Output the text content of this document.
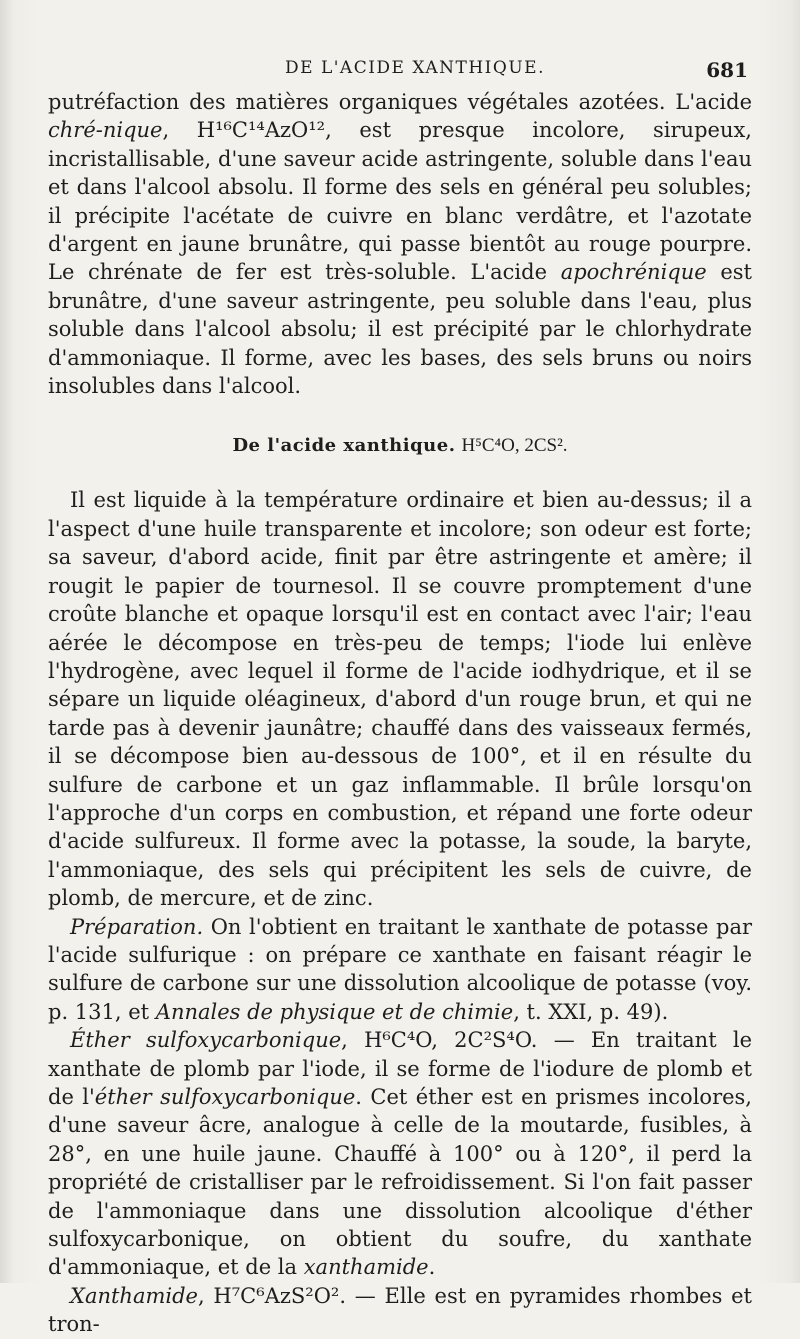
DE L'ACIDE XANTHIQUE.	681

putréfaction des matières organiques végétales azotées. L'acide chré-nique, H¹⁶C¹⁴AzO¹², est presque incolore, sirupeux, incristallisable, d'une saveur acide astringente, soluble dans l'eau et dans l'alcool absolu. Il forme des sels en général peu solubles; il précipite l'acétate de cuivre en blanc verdâtre, et l'azotate d'argent en jaune brunâtre, qui passe bientôt au rouge pourpre. Le chrénate de fer est très-soluble. L'acide apochrénique est brunâtre, d'une saveur astringente, peu soluble dans l'eau, plus soluble dans l'alcool absolu; il est précipité par le chlorhydrate d'ammoniaque. Il forme, avec les bases, des sels bruns ou noirs insolubles dans l'alcool.

De l'acide xanthique. H⁵C⁴O, 2CS².

Il est liquide à la température ordinaire et bien au-dessus; il a l'aspect d'une huile transparente et incolore; son odeur est forte; sa saveur, d'abord acide, finit par être astringente et amère; il rougit le papier de tournesol. Il se couvre promptement d'une croûte blanche et opaque lorsqu'il est en contact avec l'air; l'eau aérée le décompose en très-peu de temps; l'iode lui enlève l'hydrogène, avec lequel il forme de l'acide iodhydrique, et il se sépare un liquide oléagineux, d'abord d'un rouge brun, et qui ne tarde pas à devenir jaunâtre; chauffé dans des vaisseaux fermés, il se décompose bien au-dessous de 100°, et il en résulte du sulfure de carbone et un gaz inflammable. Il brûle lorsqu'on l'approche d'un corps en combustion, et répand une forte odeur d'acide sulfureux. Il forme avec la potasse, la soude, la baryte, l'ammoniaque, des sels qui précipitent les sels de cuivre, de plomb, de mercure, et de zinc.

Préparation. On l'obtient en traitant le xanthate de potasse par l'acide sulfurique : on prépare ce xanthate en faisant réagir le sulfure de carbone sur une dissolution alcoolique de potasse (voy. p. 131, et Annales de physique et de chimie, t. XXI, p. 49).

Éther sulfoxycarbonique, H⁶C⁴O, 2C²S⁴O. — En traitant le xanthate de plomb par l'iode, il se forme de l'iodure de plomb et de l'éther sulfoxycarbonique. Cet éther est en prismes incolores, d'une saveur âcre, analogue à celle de la moutarde, fusibles, à 28°, en une huile jaune. Chauffé à 100° ou à 120°, il perd la propriété de cristalliser par le refroidissement. Si l'on fait passer de l'ammoniaque dans une dissolution alcoolique d'éther sulfoxycarbonique, on obtient du soufre, du xanthate d'ammoniaque, et de la xanthamide.

Xanthamide, H⁷C⁶AzS²O². — Elle est en pyramides rhombes et tron-
